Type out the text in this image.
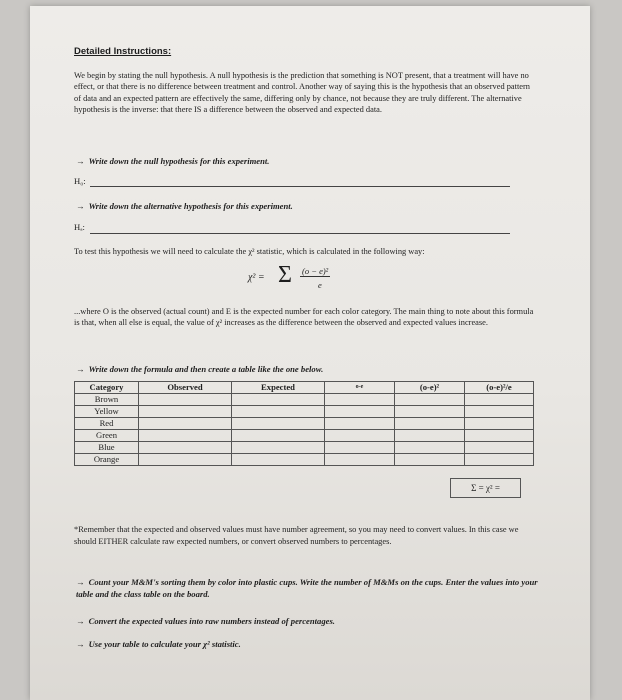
Detailed Instructions:

We begin by stating the null hypothesis. A null hypothesis is the prediction that something is NOT present, that a treatment will have no effect, or that there is no difference between treatment and control. Another way of saying this is the hypothesis that an observed pattern of data and an expected pattern are effectively the same, differing only by chance, not because they are truly different. The alternative hypothesis is the inverse: that there IS a difference between the observed and expected data.

→ Write down the null hypothesis for this experiment.
H₀:
→ Write down the alternative hypothesis for this experiment.
Hₐ:

To test this hypothesis we will need to calculate the χ² statistic, which is calculated in the following way:

χ² = Σ (o − e)²
e

...where O is the observed (actual count) and E is the expected number for each color category. The main thing to note about this formula is that, when all else is equal, the value of χ² increases as the difference between the observed and expected values increase.

→ Write down the formula and then create a table like the one below.
Category	Observed	Expected	o-e	(o-e)²	(o-e)²/e
Brown					
Yellow					
Red					
Green					
Blue					
Orange					
Σ = χ² =

*Remember that the expected and observed values must have number agreement, so you may need to convert values. In this case we should EITHER calculate raw expected numbers, or convert observed numbers to percentages.

→ Count your M&M's sorting them by color into plastic cups. Write the number of M&Ms on the cups. Enter the values into your table and the class table on the board.
→ Convert the expected values into raw numbers instead of percentages.
→ Use your table to calculate your χ² statistic.
